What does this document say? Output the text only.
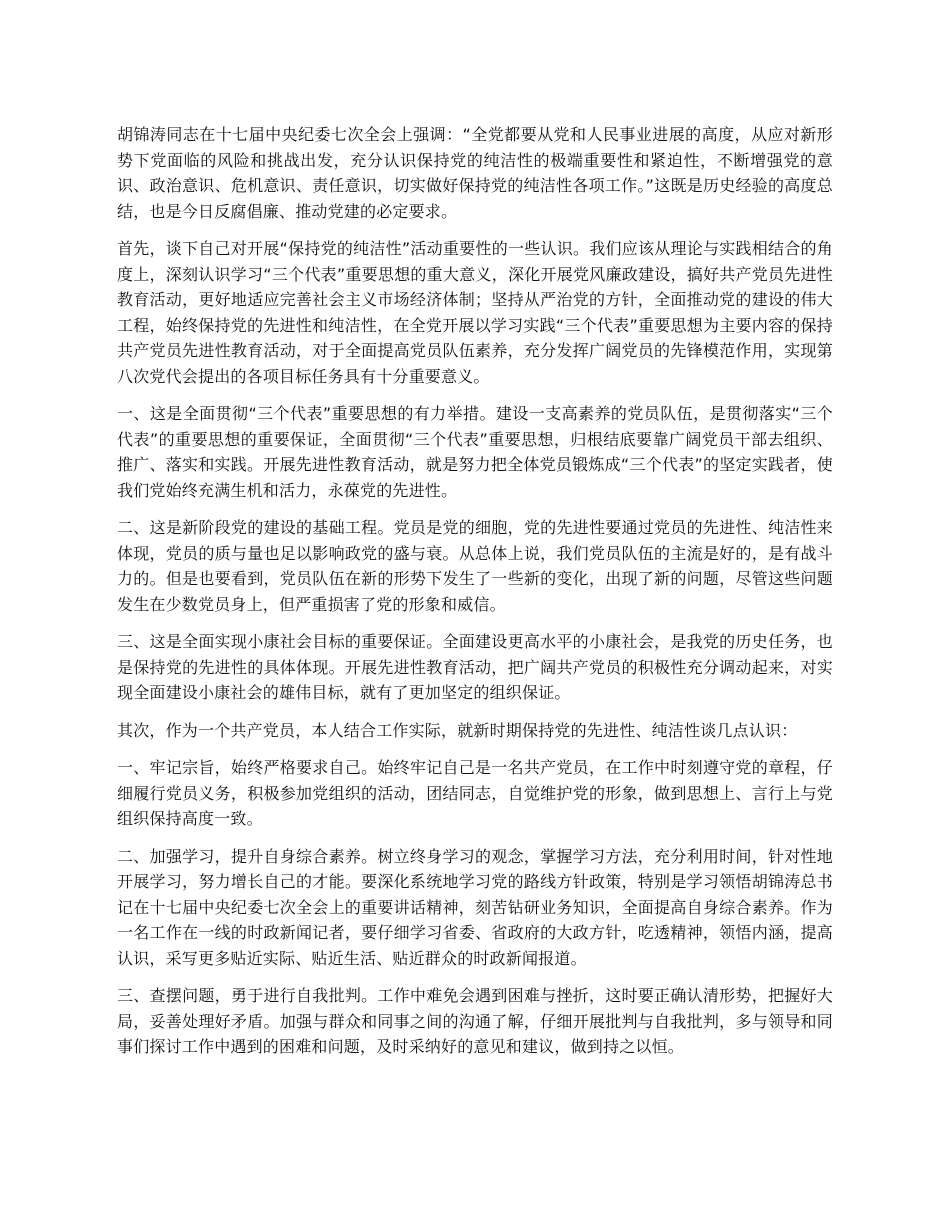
胡锦涛同志在十七届中央纪委七次全会上强调：“全党都要从党和人民事业进展的高度，从应对新形势下党面临的风险和挑战出发，充分认识保持党的纯洁性的极端重要性和紧迫性，不断增强党的意识、政治意识、危机意识、责任意识，切实做好保持党的纯洁性各项工作。”这既是历史经验的高度总结，也是今日反腐倡廉、推动党建的必定要求。

首先，谈下自己对开展“保持党的纯洁性”活动重要性的一些认识。我们应该从理论与实践相结合的角度上，深刻认识学习“三个代表”重要思想的重大意义，深化开展党风廉政建设，搞好共产党员先进性教育活动，更好地适应完善社会主义市场经济体制；坚持从严治党的方针，全面推动党的建设的伟大工程，始终保持党的先进性和纯洁性，在全党开展以学习实践“三个代表”重要思想为主要内容的保持共产党员先进性教育活动，对于全面提高党员队伍素养，充分发挥广阔党员的先锋模范作用，实现第八次党代会提出的各项目标任务具有十分重要意义。

一、这是全面贯彻“三个代表”重要思想的有力举措。建设一支高素养的党员队伍，是贯彻落实“三个代表”的重要思想的重要保证，全面贯彻“三个代表”重要思想，归根结底要靠广阔党员干部去组织、推广、落实和实践。开展先进性教育活动，就是努力把全体党员锻炼成“三个代表”的坚定实践者，使我们党始终充满生机和活力，永葆党的先进性。

二、这是新阶段党的建设的基础工程。党员是党的细胞，党的先进性要通过党员的先进性、纯洁性来体现，党员的质与量也足以影响政党的盛与衰。从总体上说，我们党员队伍的主流是好的，是有战斗力的。但是也要看到，党员队伍在新的形势下发生了一些新的变化，出现了新的问题，尽管这些问题发生在少数党员身上，但严重损害了党的形象和威信。

三、这是全面实现小康社会目标的重要保证。全面建设更高水平的小康社会，是我党的历史任务，也是保持党的先进性的具体体现。开展先进性教育活动，把广阔共产党员的积极性充分调动起来，对实现全面建设小康社会的雄伟目标，就有了更加坚定的组织保证。

其次，作为一个共产党员，本人结合工作实际，就新时期保持党的先进性、纯洁性谈几点认识：

一、牢记宗旨，始终严格要求自己。始终牢记自己是一名共产党员，在工作中时刻遵守党的章程，仔细履行党员义务，积极参加党组织的活动，团结同志，自觉维护党的形象，做到思想上、言行上与党组织保持高度一致。

二、加强学习，提升自身综合素养。树立终身学习的观念，掌握学习方法，充分利用时间，针对性地开展学习，努力增长自己的才能。要深化系统地学习党的路线方针政策，特别是学习领悟胡锦涛总书记在十七届中央纪委七次全会上的重要讲话精神，刻苦钻研业务知识，全面提高自身综合素养。作为一名工作在一线的时政新闻记者，要仔细学习省委、省政府的大政方针，吃透精神，领悟内涵，提高认识，采写更多贴近实际、贴近生活、贴近群众的时政新闻报道。

三、查摆问题，勇于进行自我批判。工作中难免会遇到困难与挫折，这时要正确认清形势，把握好大局，妥善处理好矛盾。加强与群众和同事之间的沟通了解，仔细开展批判与自我批判，多与领导和同事们探讨工作中遇到的困难和问题，及时采纳好的意见和建议，做到持之以恒。
